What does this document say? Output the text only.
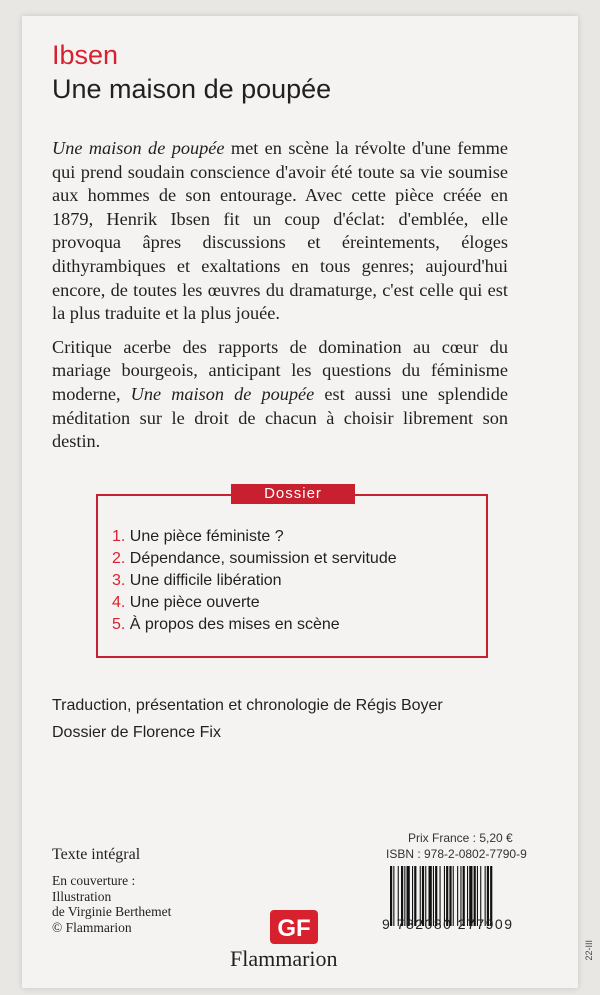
Ibsen
Une maison de poupée

Une maison de poupée met en scène la révolte d'une femme qui prend soudain conscience d'avoir été toute sa vie soumise aux hommes de son entourage. Avec cette pièce créée en 1879, Henrik Ibsen fit un coup d'éclat: d'emblée, elle provoqua âpres discussions et éreintements, éloges dithyrambiques et exaltations en tous genres; aujourd'hui encore, de toutes les œuvres du dramaturge, c'est celle qui est la plus traduite et la plus jouée.

Critique acerbe des rapports de domination au cœur du mariage bourgeois, anticipant les questions du féminisme moderne, Une maison de poupée est aussi une splendide méditation sur le droit de chacun à choisir librement son destin.

Dossier
1. Une pièce féministe ?
2. Dépendance, soumission et servitude
3. Une difficile libération
4. Une pièce ouverte
5. À propos des mises en scène
Traduction, présentation et chronologie de Régis Boyer
Dossier de Florence Fix
Texte intégral
En couverture :
Illustration
de Virginie Berthemet
© Flammarion
Prix France : 5,20 €
ISBN : 978-2-0802-7790-9
9 782080 277909
GF
Flammarion	22-III
